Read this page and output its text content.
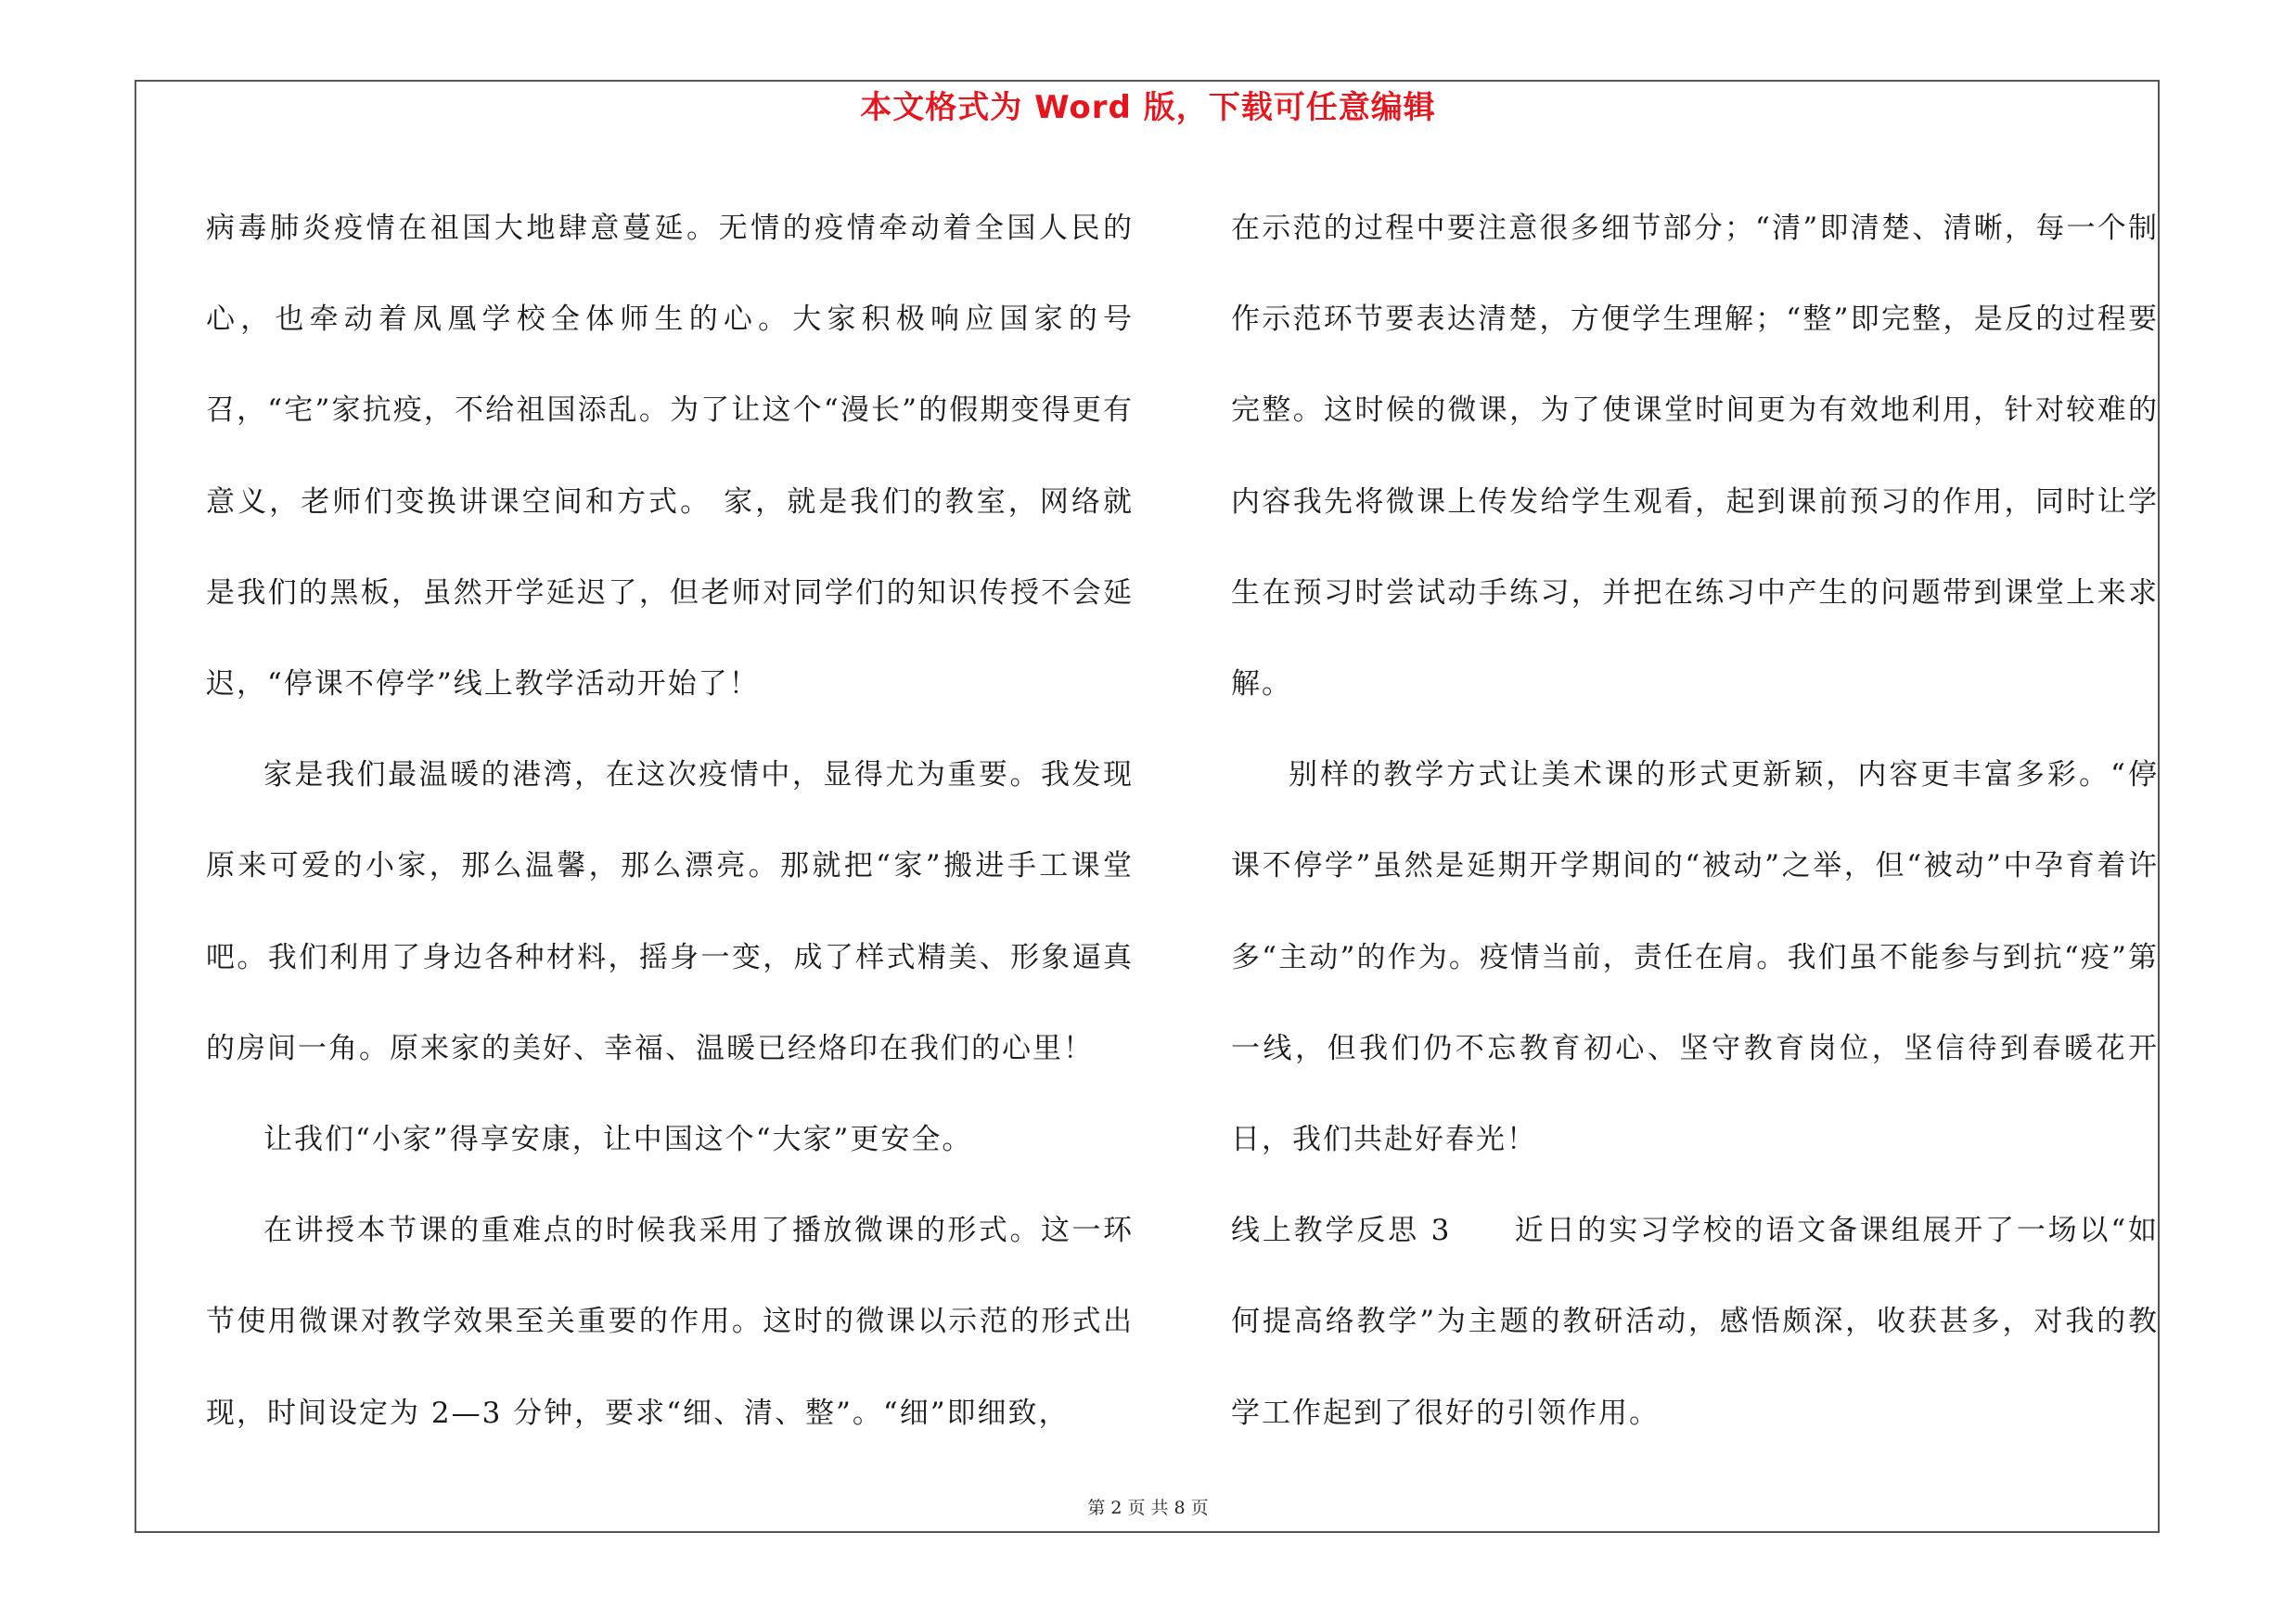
本文格式为 Word 版，下载可任意编辑

病毒肺炎疫情在祖国大地肆意蔓延。无情的疫情牵动着全国人民的心，也牵动着凤凰学校全体师生的心。大家积极响应国家的号召，“宅”家抗疫，不给祖国添乱。为了让这个“漫长”的假期变得更有意义，老师们变换讲课空间和方式。 家，就是我们的教室，网络就是我们的黑板，虽然开学延迟了，但老师对同学们的知识传授不会延迟，“停课不停学”线上教学活动开始了！

家是我们最温暖的港湾，在这次疫情中，显得尤为重要。我发现原来可爱的小家，那么温馨，那么漂亮。那就把“家”搬进手工课堂吧。我们利用了身边各种材料，摇身一变，成了样式精美、形象逼真的房间一角。原来家的美好、幸福、温暖已经烙印在我们的心里！

让我们“小家”得享安康，让中国这个“大家”更安全。

在讲授本节课的重难点的时候我采用了播放微课的形式。这一环节使用微课对教学效果至关重要的作用。这时的微课以示范的形式出现，时间设定为 2—3 分钟，要求“细、清、整”。“细”即细致，

在示范的过程中要注意很多细节部分；“清”即清楚、清晰，每一个制作示范环节要表达清楚，方便学生理解；“整”即完整，是反的过程要完整。这时候的微课，为了使课堂时间更为有效地利用，针对较难的内容我先将微课上传发给学生观看，起到课前预习的作用，同时让学生在预习时尝试动手练习，并把在练习中产生的问题带到课堂上来求解。

别样的教学方式让美术课的形式更新颖，内容更丰富多彩。“停课不停学”虽然是延期开学期间的“被动”之举，但“被动”中孕育着许多“主动”的作为。疫情当前，责任在肩。我们虽不能参与到抗“疫”第一线，但我们仍不忘教育初心、坚守教育岗位，坚信待到春暖花开日，我们共赴好春光！

线上教学反思 3　　近日的实习学校的语文备课组展开了一场以“如何提高络教学”为主题的教研活动，感悟颇深，收获甚多，对我的教学工作起到了很好的引领作用。

第 2 页 共 8 页
